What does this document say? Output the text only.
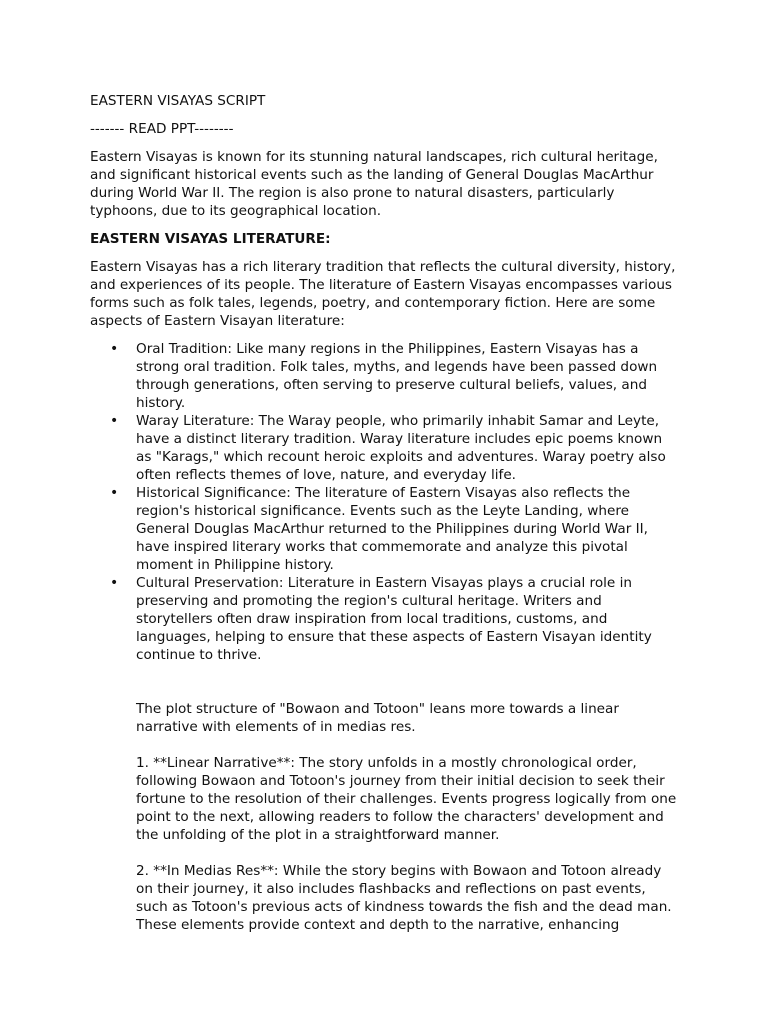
EASTERN VISAYAS SCRIPT

------- READ PPT--------

Eastern Visayas is known for its stunning natural landscapes, rich cultural heritage, and significant historical events such as the landing of General Douglas MacArthur during World War II. The region is also prone to natural disasters, particularly typhoons, due to its geographical location.

EASTERN VISAYAS LITERATURE:

Eastern Visayas has a rich literary tradition that reflects the cultural diversity, history, and experiences of its people. The literature of Eastern Visayas encompasses various forms such as folk tales, legends, poetry, and contemporary fiction. Here are some aspects of Eastern Visayan literature:

• Oral Tradition: Like many regions in the Philippines, Eastern Visayas has a strong oral tradition. Folk tales, myths, and legends have been passed down through generations, often serving to preserve cultural beliefs, values, and history.
• Waray Literature: The Waray people, who primarily inhabit Samar and Leyte, have a distinct literary tradition. Waray literature includes epic poems known as "Karags," which recount heroic exploits and adventures. Waray poetry also often reflects themes of love, nature, and everyday life.
• Historical Significance: The literature of Eastern Visayas also reflects the region's historical significance. Events such as the Leyte Landing, where General Douglas MacArthur returned to the Philippines during World War II, have inspired literary works that commemorate and analyze this pivotal moment in Philippine history.
• Cultural Preservation: Literature in Eastern Visayas plays a crucial role in preserving and promoting the region's cultural heritage. Writers and storytellers often draw inspiration from local traditions, customs, and languages, helping to ensure that these aspects of Eastern Visayan identity continue to thrive.
The plot structure of "Bowaon and Totoon" leans more towards a linear narrative with elements of in medias res.
1. **Linear Narrative**: The story unfolds in a mostly chronological order, following Bowaon and Totoon's journey from their initial decision to seek their fortune to the resolution of their challenges. Events progress logically from one point to the next, allowing readers to follow the characters' development and the unfolding of the plot in a straightforward manner.
2. **In Medias Res**: While the story begins with Bowaon and Totoon already on their journey, it also includes flashbacks and reflections on past events, such as Totoon's previous acts of kindness towards the fish and the dead man. These elements provide context and depth to the narrative, enhancing
